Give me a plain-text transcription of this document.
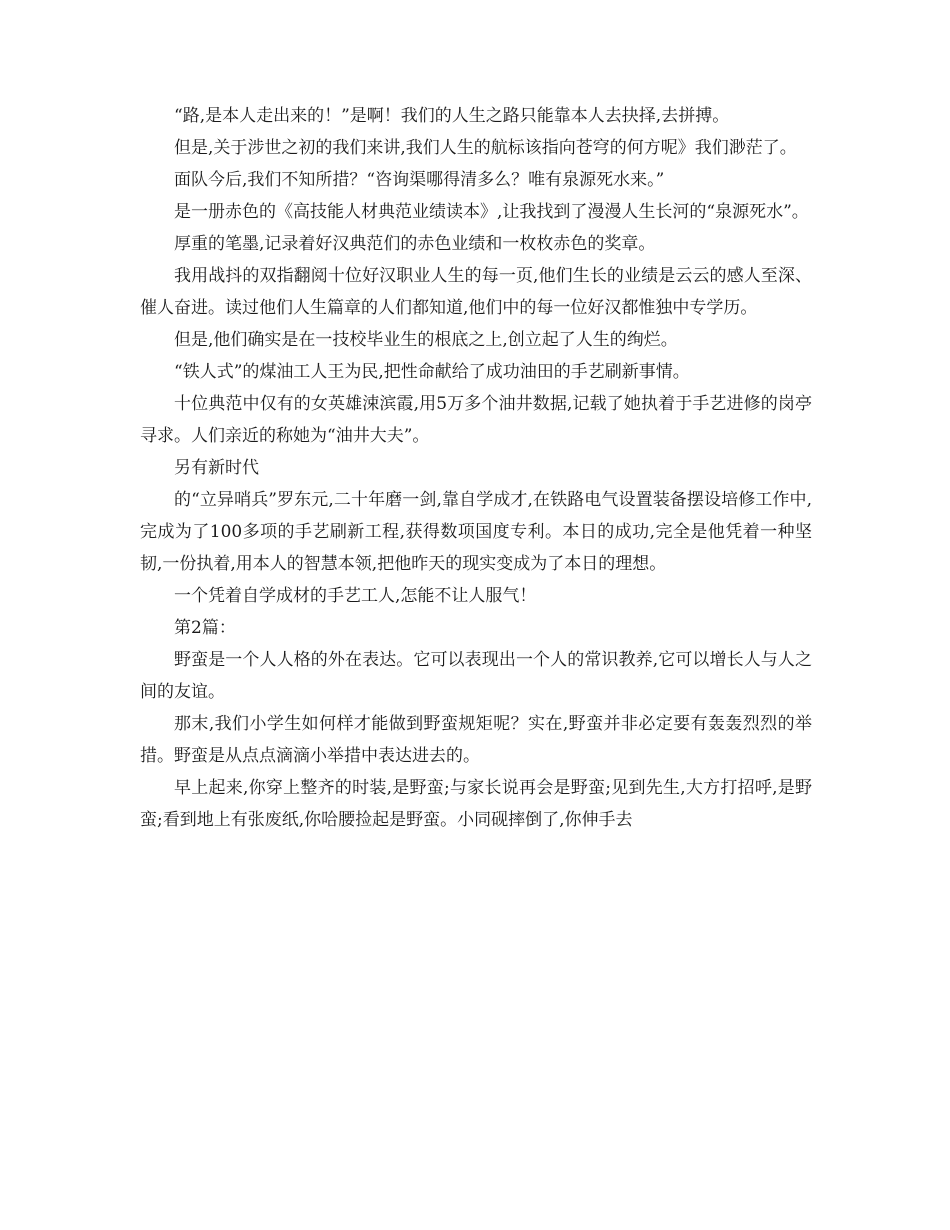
“路,是本人走出来的！”是啊！我们的人生之路只能靠本人去抉择,去拼搏。

但是,关于涉世之初的我们来讲,我们人生的航标该指向苍穹的何方呢》我们渺茫了。

面队今后,我们不知所措？“咨询渠哪得清多么？唯有泉源死水来。”

是一册赤色的《高技能人材典范业绩读本》,让我找到了漫漫人生长河的“泉源死水”。

厚重的笔墨,记录着好汉典范们的赤色业绩和一枚枚赤色的奖章。

我用战抖的双指翻阅十位好汉职业人生的每一页,他们生长的业绩是云云的感人至深、催人奋进。读过他们人生篇章的人们都知道,他们中的每一位好汉都惟独中专学历。

但是,他们确实是在一技校毕业生的根底之上,创立起了人生的绚烂。

“铁人式”的煤油工人王为民,把性命献给了成功油田的手艺刷新事情。

十位典范中仅有的女英雄涑滨霞,用5万多个油井数据,记载了她执着于手艺进修的岗亭寻求。人们亲近的称她为“油井大夫”。

另有新时代

的“立异哨兵”罗东元,二十年磨一剑,靠自学成才,在铁路电气设置装备摆设培修工作中,完成为了100多项的手艺刷新工程,获得数项国度专利。本日的成功,完全是他凭着一种坚韧,一份执着,用本人的智慧本领,把他昨天的现实变成为了本日的理想。

一个凭着自学成材的手艺工人,怎能不让人服气！

第2篇：

野蛮是一个人人格的外在表达。它可以表现出一个人的常识教养,它可以增长人与人之间的友谊。

那末,我们小学生如何样才能做到野蛮规矩呢？实在,野蛮并非必定要有轰轰烈烈的举措。野蛮是从点点滴滴小举措中表达进去的。

早上起来,你穿上整齐的时装,是野蛮;与家长说再会是野蛮;见到先生,大方打招呼,是野蛮;看到地上有张废纸,你哈腰捡起是野蛮。小同砚摔倒了,你伸手去
